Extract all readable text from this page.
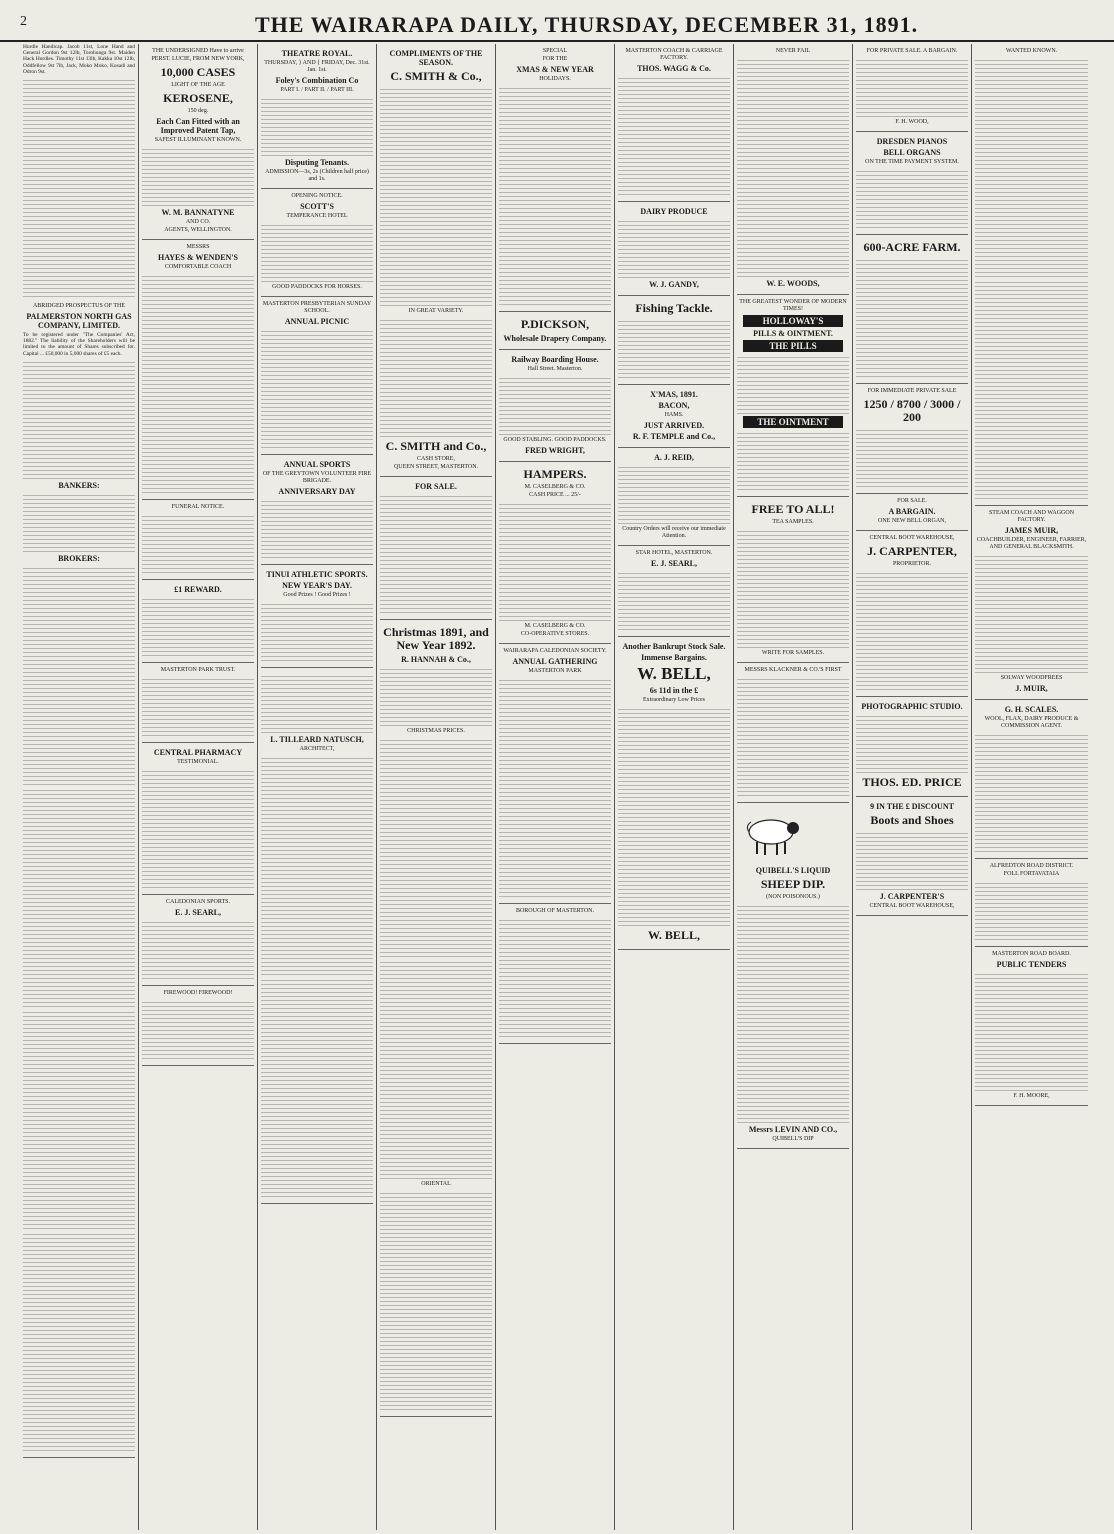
2	THE WAIRARAPA DAILY, THURSDAY, DECEMBER 31, 1891.
Hurdle Handicap. Jacob 11st, Lone Hand and General Gordon 9st 12lb, Torohunga 9st. Maiden Hack Hurdles. Timothy 11st 13lb, Kakka 10st 12lb, Oddfellow 9st 7lb, Jack, Moko Moko, Kosadi and Odron 9st.
ABRIDGED PROSPECTUS OF THE
PALMERSTON NORTH GAS COMPANY, LIMITED.
To be registered under "The Companies' Act, 1882." The liability of the Shareholders will be limited to the amount of Shares subscribed for. Capital ... £50,000 in 5,000 shares of £5 each.
BANKERS:
BROKERS:
THE UNDERSIGNED Have to arrive
PERST. LUCIE, FROM NEW YORK,
10,000 CASES
LIGHT OF THE AGE
KEROSENE,
150 deg.
Each Can Fitted with an Improved Patent Tap,
SAFEST ILLUMINANT KNOWN.
W. M. BANNATYNE
AND CO.
AGENTS, WELLINGTON.
MESSRS
HAYES & WENDEN'S
COMFORTABLE COACH
FUNERAL NOTICE.
£1 REWARD.
MASTERTON PARK TRUST.
CENTRAL PHARMACY
TESTIMONIAL.
CALEDONIAN SPORTS.
E. J. SEARL,
FIREWOOD! FIREWOOD!
THEATRE ROYAL.
THURSDAY, } AND { FRIDAY, Dec. 31st. Jan. 1st.
Foley's Combination Co
PART I. / PART II. / PART III.
Disputing Tenants.
ADMISSION—3s, 2s (Children half price) and 1s.
OPENING NOTICE.
SCOTT'S
TEMPERANCE HOTEL
GOOD PADDOCKS FOR HORSES.
MASTERTON PRESBYTERIAN SUNDAY SCHOOL.
ANNUAL PICNIC
ANNUAL SPORTS
OF THE GREYTOWN VOLUNTEER FIRE BRIGADE.
ANNIVERSARY DAY
TINUI ATHLETIC SPORTS.
NEW YEAR'S DAY.
Good Prizes ! Good Prizes !
L. TILLEARD NATUSCH,
ARCHITECT,
COMPLIMENTS OF THE SEASON.
C. SMITH & Co.,
IN GREAT VARIETY.
C. SMITH and Co.,
CASH STORE,
QUEEN STREET, MASTERTON.
FOR SALE.
Christmas 1891, and New Year 1892.
R. HANNAH & Co.,
CHRISTMAS PRICES.
ORIENTAL
SPECIAL
FOR THE
XMAS & NEW YEAR
HOLIDAYS.
P.DICKSON,
Wholesale Drapery Company.
Railway Boarding House.
Hall Street. Masterton.
GOOD STABLING. GOOD PADDOCKS.
FRED WRIGHT,
HAMPERS.
M. CASELBERG & CO.
CASH PRICE ... 25/-
M. CASELBERG & CO.
CO-OPERATIVE STORES.
WAIRARAPA CALEDONIAN SOCIETY.
ANNUAL GATHERING
MASTERTON PARK
BOROUGH OF MASTERTON.
MASTERTON COACH & CARRIAGE FACTORY.
THOS. WAGG & Co.
DAIRY PRODUCE
W. J. GANDY,
Fishing Tackle.
X'MAS, 1891.
BACON,
HAMS.
JUST ARRIVED.
R. F. TEMPLE and Co.,
A. J. REID,
Country Orders will receive our immediate Attention.
STAR HOTEL, MASTERTON.
E. J. SEARL,
Another Bankrupt Stock Sale.
Immense Bargains.
W. BELL,
6s 11d in the £
Extraordinary Low Prices
W. BELL,
NEVER FAIL
W. E. WOODS,
THE GREATEST WONDER OF MODERN TIMES!
HOLLOWAY'S
PILLS & OINTMENT.
THE PILLS
THE OINTMENT
FREE TO ALL!
TEA SAMPLES.
WRITE FOR SAMPLES.
MESSRS KLACKNER & CO.'S FIRST
QUIBELL'S LIQUID
SHEEP DIP.
(NON POISONOUS.)
Messrs LEVIN AND CO.,
QUIBELL'S DIP
FOR PRIVATE SALE. A BARGAIN.
F. H. WOOD,
DRESDEN PIANOS
BELL ORGANS
ON THE TIME PAYMENT SYSTEM.
600-ACRE FARM.
FOR IMMEDIATE PRIVATE SALE
1250 / 8700 / 3000 / 200
FOR SALE.
A BARGAIN.
ONE NEW BELL ORGAN,
CENTRAL BOOT WAREHOUSE,
J. CARPENTER,
PROPRIETOR.
PHOTOGRAPHIC STUDIO.
THOS. ED. PRICE
9 IN THE £ DISCOUNT
Boots and Shoes
J. CARPENTER'S
CENTRAL BOOT WAREHOUSE,
WANTED KNOWN.
STEAM COACH AND WAGGON FACTORY.
JAMES MUIR,
COACHBUILDER, ENGINEER, FARRIER, AND GENERAL BLACKSMITH.
SOLWAY WOODFREES
J. MUIR,
G. H. SCALES.
WOOL, FLAX, DAIRY PRODUCE & COMMISSION AGENT.
ALFREDTON ROAD DISTRICT.
FOLL FORTAVATAIA
MASTERTON ROAD BOARD.
PUBLIC TENDERS
F. H. MOORE,
